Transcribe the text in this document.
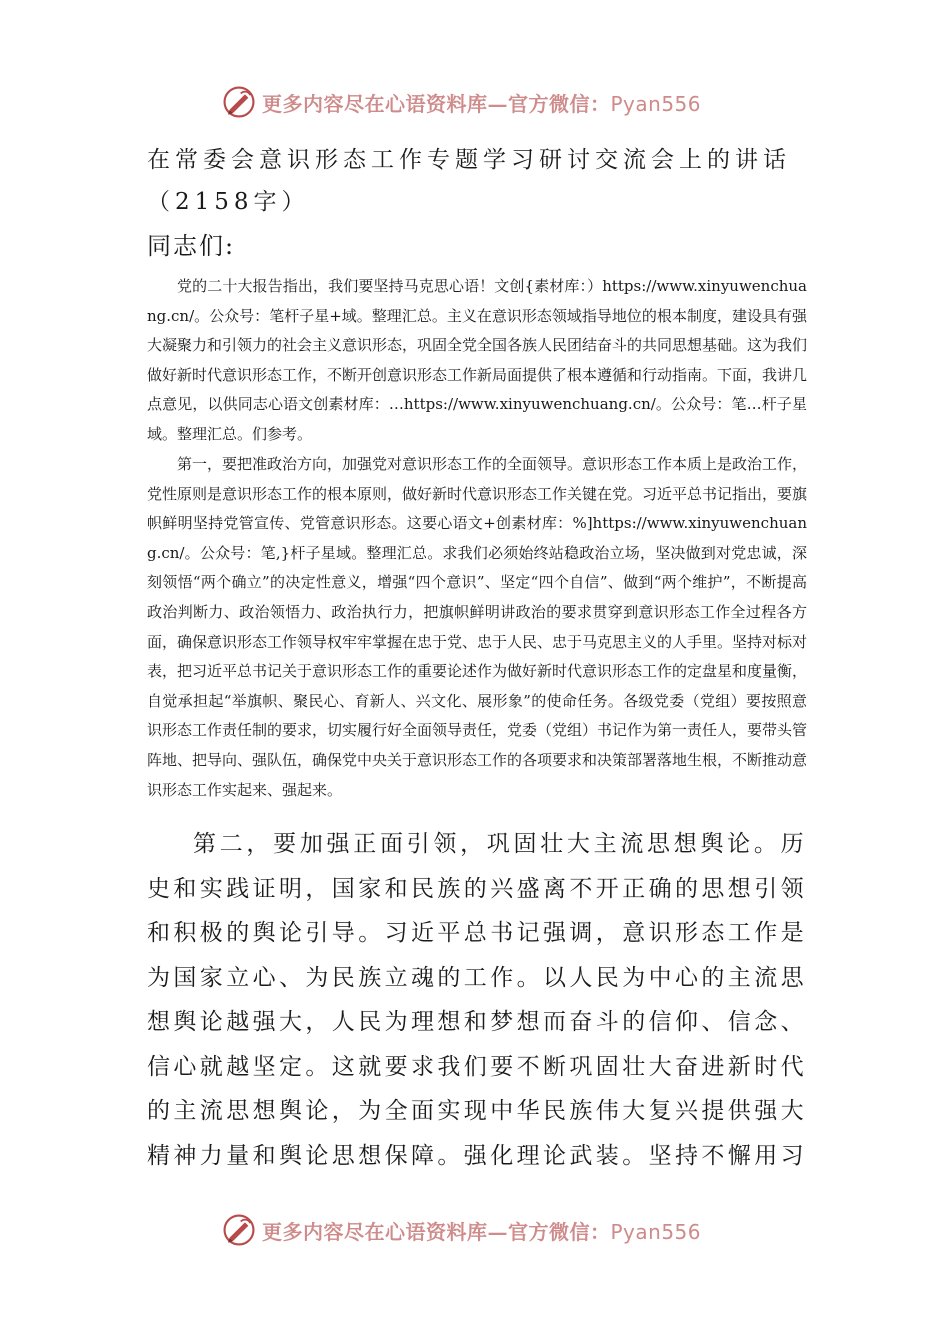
更多内容尽在心语资料库—官方微信：Pyan556
在常委会意识形态工作专题学习研讨交流会上的讲话
（2158字）

同志们:

党的二十大报告指出，我们要坚持马克思心语！文创{素材库：）https://www.xinyuwenchuang.cn/。公众号：笔杆子星+域。整理汇总。主义在意识形态领域指导地位的根本制度，建设具有强大凝聚力和引领力的社会主义意识形态，巩固全党全国各族人民团结奋斗的共同思想基础。这为我们做好新时代意识形态工作，不断开创意识形态工作新局面提供了根本遵循和行动指南。下面，我讲几点意见，以供同志心语文创素材库：…https://www.xinyuwenchuang.cn/。公众号：笔…杆子星域。整理汇总。们参考。

第一，要把准政治方向，加强党对意识形态工作的全面领导。意识形态工作本质上是政治工作，党性原则是意识形态工作的根本原则，做好新时代意识形态工作关键在党。习近平总书记指出，要旗帜鲜明坚持党管宣传、党管意识形态。这要心语文+创素材库：%]https://www.xinyuwenchuang.cn/。公众号：笔,}杆子星域。整理汇总。求我们必须始终站稳政治立场，坚决做到对党忠诚，深刻领悟“两个确立”的决定性意义，增强“四个意识”、坚定“四个自信”、做到“两个维护”，不断提高政治判断力、政治领悟力、政治执行力，把旗帜鲜明讲政治的要求贯穿到意识形态工作全过程各方面，确保意识形态工作领导权牢牢掌握在忠于党、忠于人民、忠于马克思主义的人手里。坚持对标对表，把习近平总书记关于意识形态工作的重要论述作为做好新时代意识形态工作的定盘星和度量衡，自觉承担起“举旗帜、聚民心、育新人、兴文化、展形象”的使命任务。各级党委（党组）要按照意识形态工作责任制的要求，切实履行好全面领导责任，党委（党组）书记作为第一责任人，要带头管阵地、把导向、强队伍，确保党中央关于意识形态工作的各项要求和决策部署落地生根，不断推动意识形态工作实起来、强起来。

第二，要加强正面引领，巩固壮大主流思想舆论。历史和实践证明，国家和民族的兴盛离不开正确的思想引领和积极的舆论引导。习近平总书记强调，意识形态工作是为国家立心、为民族立魂的工作。以人民为中心的主流思想舆论越强大，人民为理想和梦想而奋斗的信仰、信念、信心就越坚定。这就要求我们要不断巩固壮大奋进新时代的主流思想舆论，为全面实现中华民族伟大复兴提供强大精神力量和舆论思想保障。强化理论武装。坚持不懈用习

更多内容尽在心语资料库—官方微信：Pyan556
